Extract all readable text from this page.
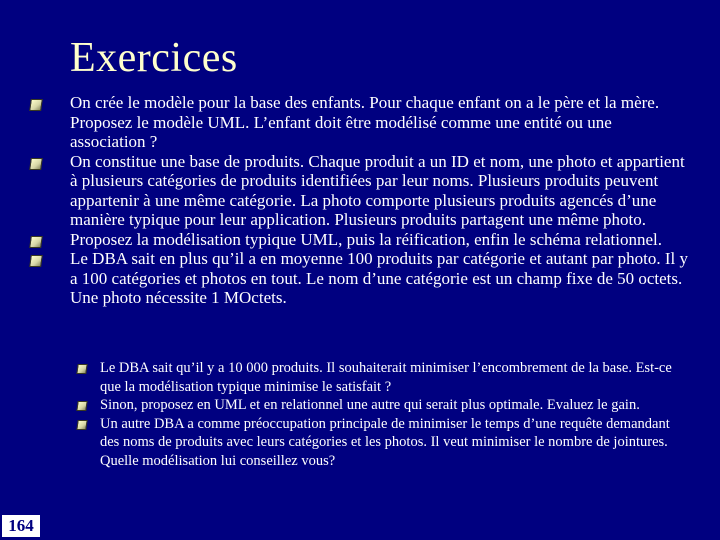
Exercices
On crée le modèle pour la base des enfants. Pour chaque enfant on a le père et la mère. Proposez le modèle UML. L’enfant doit être modélisé comme une entité ou une association ?
On constitue une base de produits. Chaque produit a un ID et nom, une photo et appartient à plusieurs catégories de produits identifiées par leur noms. Plusieurs produits peuvent appartenir à une même catégorie. La photo comporte plusieurs produits agencés d’une manière typique pour leur application. Plusieurs produits partagent une même photo.
Proposez la modélisation typique UML, puis la réification, enfin le schéma relationnel.
Le DBA sait en plus qu’il a en moyenne 100 produits par catégorie et autant par photo. Il y a 100 catégories et photos en tout. Le nom d’une catégorie est un champ fixe de 50 octets. Une photo nécessite 1 MOctets.
Le DBA sait qu’il y a 10 000 produits. Il souhaiterait minimiser l’encombrement de la base. Est-ce que la modélisation typique minimise le satisfait ?
Sinon, proposez en UML et en relationnel une autre qui serait plus optimale. Evaluez le gain.
Un autre DBA a comme préoccupation principale de minimiser le temps d’une requête demandant des noms de produits avec leurs catégories et les photos. Il veut minimiser le nombre de jointures. Quelle modélisation lui conseillez vous?
164
